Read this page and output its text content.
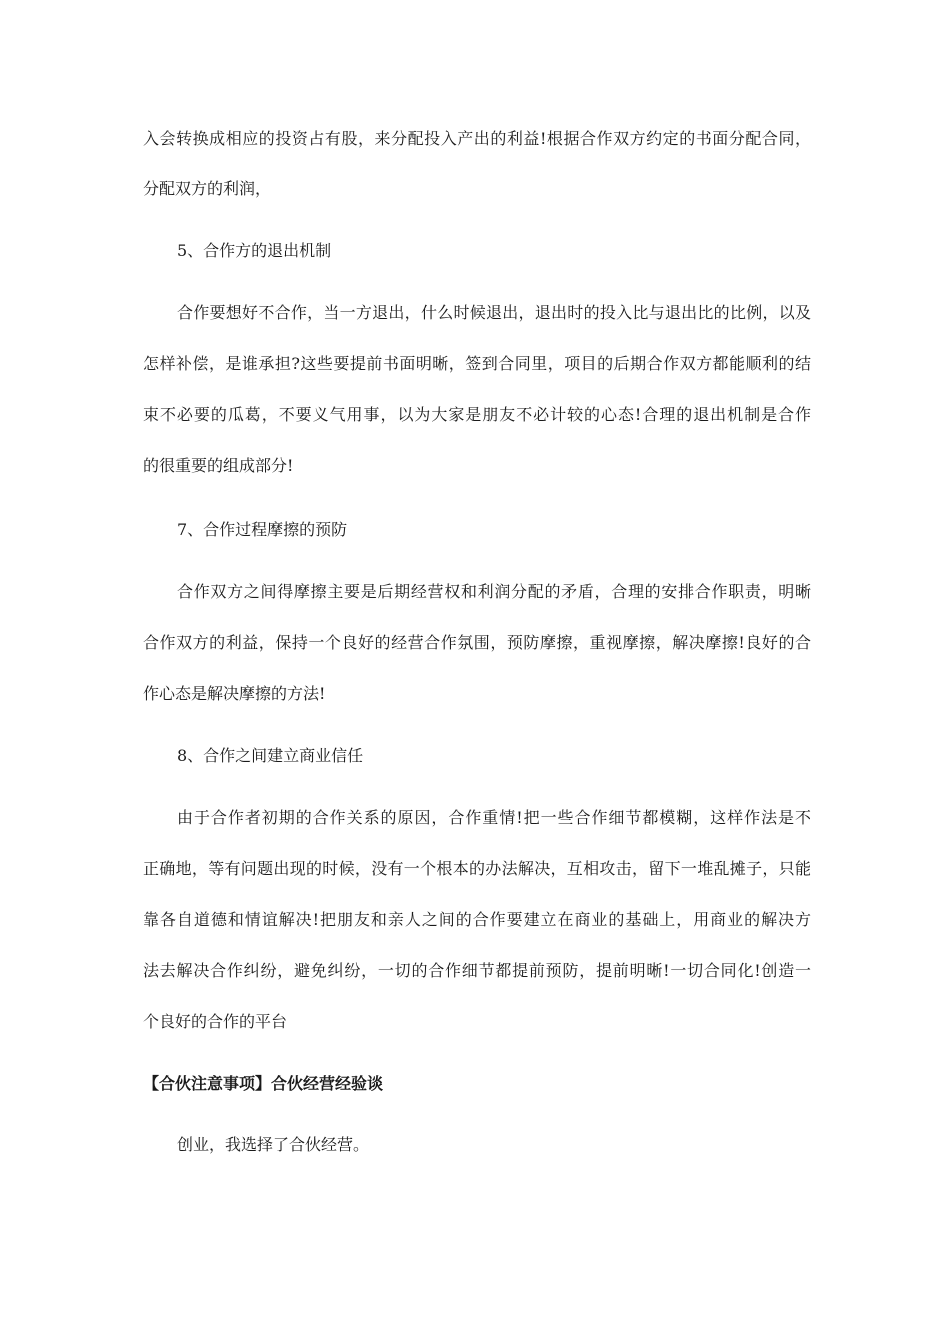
入会转换成相应的投资占有股，来分配投入产出的利益!根据合作双方约定的书面分配合同，
分配双方的利润，
5、合作方的退出机制
合作要想好不合作，当一方退出，什么时候退出，退出时的投入比与退出比的比例，以及
怎样补偿，是谁承担?这些要提前书面明晰，签到合同里，项目的后期合作双方都能顺利的结
束不必要的瓜葛，不要义气用事，以为大家是朋友不必计较的心态!合理的退出机制是合作
的很重要的组成部分!
7、合作过程摩擦的预防
合作双方之间得摩擦主要是后期经营权和利润分配的矛盾，合理的安排合作职责，明晰
合作双方的利益，保持一个良好的经营合作氛围，预防摩擦，重视摩擦，解决摩擦!良好的合
作心态是解决摩擦的方法!
8、合作之间建立商业信任
由于合作者初期的合作关系的原因，合作重情!把一些合作细节都模糊，这样作法是不
正确地，等有问题出现的时候，没有一个根本的办法解决，互相攻击，留下一堆乱摊子，只能
靠各自道德和情谊解决!把朋友和亲人之间的合作要建立在商业的基础上，用商业的解决方
法去解决合作纠纷，避免纠纷，一切的合作细节都提前预防，提前明晰!一切合同化!创造一
个良好的合作的平台
【合伙注意事项】合伙经营经验谈
创业，我选择了合伙经营。
